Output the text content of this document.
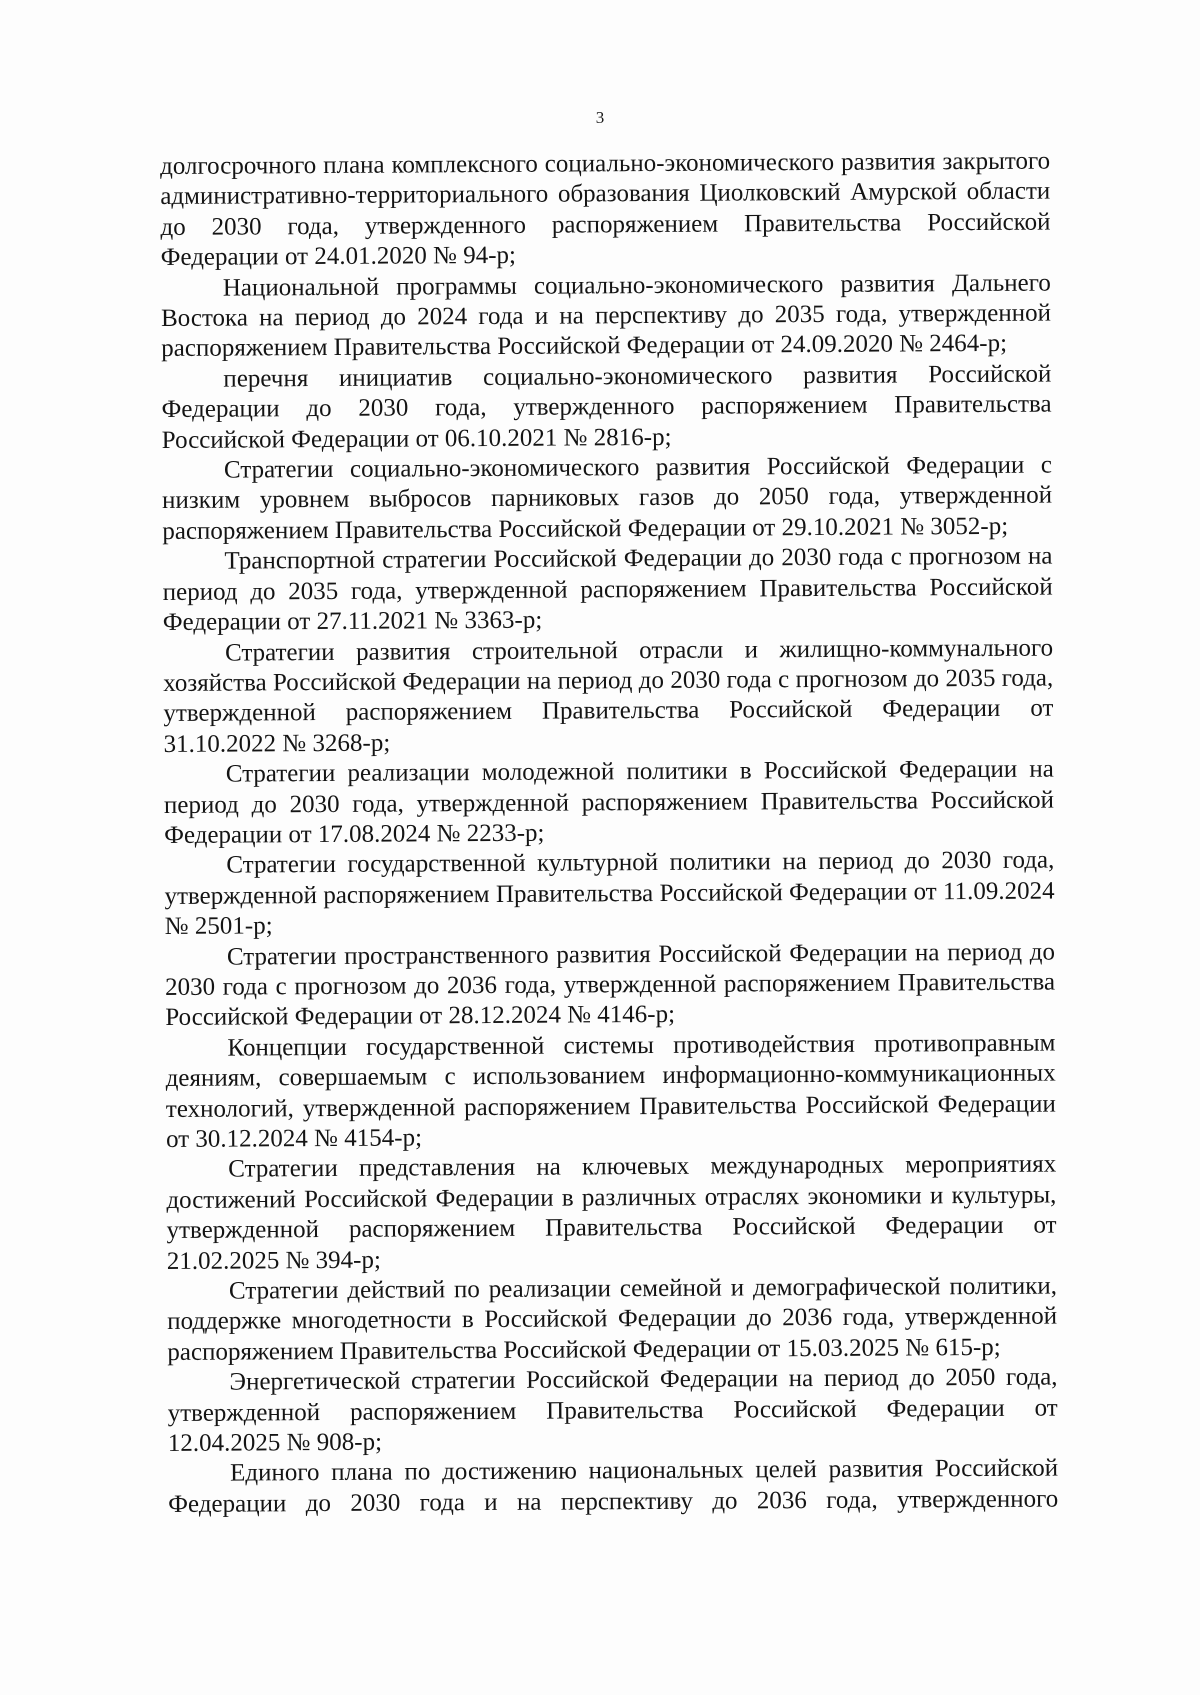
3

долгосрочного плана комплексного социально-экономического развития закрытого административно-территориального образования Циолковский Амурской области до 2030 года, утвержденного распоряжением Правительства Российской Федерации от 24.01.2020 № 94-р;

Национальной программы социально-экономического развития Дальнего Востока на период до 2024 года и на перспективу до 2035 года, утвержденной распоряжением Правительства Российской Федерации от 24.09.2020 № 2464-р;

перечня инициатив социально-экономического развития Российской Федерации до 2030 года, утвержденного распоряжением Правительства Российской Федерации от 06.10.2021 № 2816-р;

Стратегии социально-экономического развития Российской Федерации с низким уровнем выбросов парниковых газов до 2050 года, утвержденной распоряжением Правительства Российской Федерации от 29.10.2021 № 3052-р;

Транспортной стратегии Российской Федерации до 2030 года с прогнозом на период до 2035 года, утвержденной распоряжением Правительства Российской Федерации от 27.11.2021 № 3363-р;

Стратегии развития строительной отрасли и жилищно-коммунального хозяйства Российской Федерации на период до 2030 года с прогнозом до 2035 года, утвержденной распоряжением Правительства Российской Федерации от 31.10.2022 № 3268-р;

Стратегии реализации молодежной политики в Российской Федерации на период до 2030 года, утвержденной распоряжением Правительства Российской Федерации от 17.08.2024 № 2233-р;

Стратегии государственной культурной политики на период до 2030 года, утвержденной распоряжением Правительства Российской Федерации от 11.09.2024 № 2501-р;

Стратегии пространственного развития Российской Федерации на период до 2030 года с прогнозом до 2036 года, утвержденной распоряжением Правительства Российской Федерации от 28.12.2024 № 4146-р;

Концепции государственной системы противодействия противоправным деяниям, совершаемым с использованием информационно-коммуникационных технологий, утвержденной распоряжением Правительства Российской Федерации от 30.12.2024 № 4154-р;

Стратегии представления на ключевых международных мероприятиях достижений Российской Федерации в различных отраслях экономики и культуры, утвержденной распоряжением Правительства Российской Федерации от 21.02.2025 № 394-р;

Стратегии действий по реализации семейной и демографической политики, поддержке многодетности в Российской Федерации до 2036 года, утвержденной распоряжением Правительства Российской Федерации от 15.03.2025 № 615-р;

Энергетической стратегии Российской Федерации на период до 2050 года, утвержденной распоряжением Правительства Российской Федерации от 12.04.2025 № 908-р;

Единого плана по достижению национальных целей развития Российской Федерации до 2030 года и на перспективу до 2036 года, утвержденного
